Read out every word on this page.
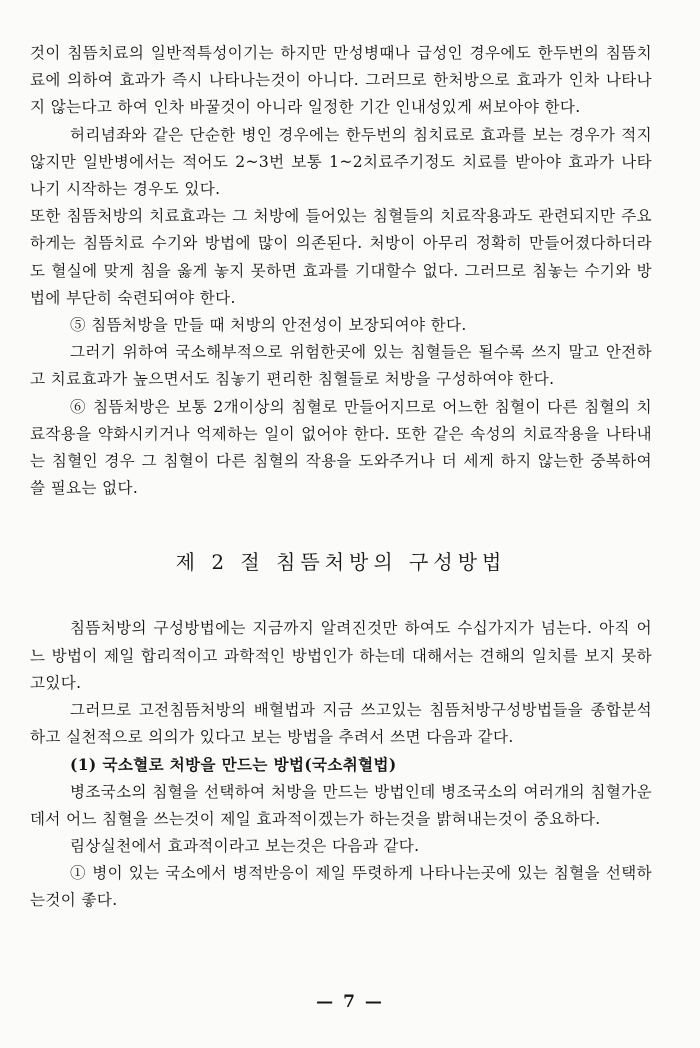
것이 침뜸치료의 일반적특성이기는 하지만 만성병때나 급성인 경우에도 한두번의 침뜸치료에 의하여 효과가 즉시 나타나는것이 아니다. 그러므로 한처방으로 효과가 인차 나타나지 않는다고 하여 인차 바꿀것이 아니라 일정한 기간 인내성있게 써보아야 한다.

허리념좌와 같은 단순한 병인 경우에는 한두번의 침치료로 효과를 보는 경우가 적지 않지만 일반병에서는 적어도 2~3번 보통 1~2치료주기정도 치료를 받아야 효과가 나타나기 시작하는 경우도 있다.

또한 침뜸처방의 치료효과는 그 처방에 들어있는 침혈들의 치료작용과도 관련되지만 주요하게는 침뜸치료 수기와 방법에 많이 의존된다. 처방이 아무리 정확히 만들어졌다하더라도 혈실에 맞게 침을 옳게 놓지 못하면 효과를 기대할수 없다. 그러므로 침놓는 수기와 방법에 부단히 숙련되여야 한다.

⑤ 침뜸처방을 만들 때 처방의 안전성이 보장되여야 한다.

그러기 위하여 국소해부적으로 위험한곳에 있는 침혈들은 될수록 쓰지 말고 안전하고 치료효과가 높으면서도 침놓기 편리한 침혈들로 처방을 구성하여야 한다.

⑥ 침뜸처방은 보통 2개이상의 침혈로 만들어지므로 어느한 침혈이 다른 침혈의 치료작용을 약화시키거나 억제하는 일이 없어야 한다. 또한 같은 속성의 치료작용을 나타내는 침혈인 경우 그 침혈이 다른 침혈의 작용을 도와주거나 더 세게 하지 않는한 중복하여 쓸 필요는 없다.

제 2 절 침뜸처방의 구성방법

침뜸처방의 구성방법에는 지금까지 알려진것만 하여도 수십가지가 넘는다. 아직 어느 방법이 제일 합리적이고 과학적인 방법인가 하는데 대해서는 견해의 일치를 보지 못하고있다.

그러므로 고전침뜸처방의 배혈법과 지금 쓰고있는 침뜸처방구성방법들을 종합분석하고 실천적으로 의의가 있다고 보는 방법을 추려서 쓰면 다음과 같다.

(1) 국소혈로 처방을 만드는 방법(국소취혈법)

병조국소의 침혈을 선택하여 처방을 만드는 방법인데 병조국소의 여러개의 침혈가운데서 어느 침혈을 쓰는것이 제일 효과적이겠는가 하는것을 밝혀내는것이 중요하다.

림상실천에서 효과적이라고 보는것은 다음과 같다.

① 병이 있는 국소에서 병적반응이 제일 뚜렷하게 나타나는곳에 있는 침혈을 선택하는것이 좋다.

— 7 —
